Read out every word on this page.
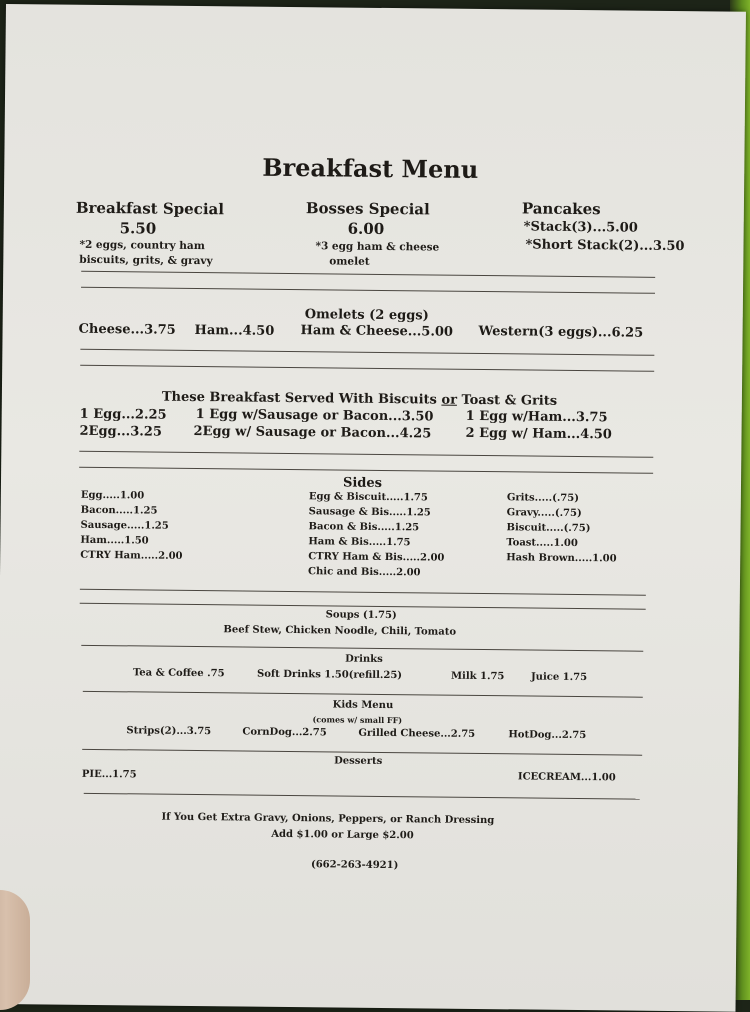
Breakfast Menu
Breakfast Special
5.50
*2 eggs, country ham
biscuits, grits, & gravy
Bosses Special
6.00
*3 egg ham & cheese
omelet
Pancakes
*Stack(3)...5.00
*Short Stack(2)...3.50
Omelets (2 eggs)
Cheese...3.75 Ham...4.50 Ham & Cheese...5.00 Western(3 eggs)...6.25
These Breakfast Served With Biscuits or Toast & Grits
1 Egg...2.25 1 Egg w/Sausage or Bacon...3.50 1 Egg w/Ham...3.75
2Egg...3.25 2Egg w/ Sausage or Bacon...4.25	2 Egg w/ Ham...4.50
Sides
Egg.....1.00
Bacon.....1.25
Sausage.....1.25
Ham.....1.50
CTRY Ham.....2.00
Egg & Biscuit.....1.75
Sausage & Bis.....1.25
Bacon & Bis.....1.25
Ham & Bis.....1.75
CTRY Ham & Bis.....2.00
Chic and Bis.....2.00
Grits.....(.75)
Gravy.....(.75)
Biscuit.....(.75)
Toast.....1.00
Hash Brown.....1.00
Soups (1.75)
Beef Stew, Chicken Noodle, Chili, Tomato
Drinks
Tea & Coffee .75	Soft Drinks 1.50(refill.25)	Milk 1.75	Juice 1.75
Kids Menu
(comes w/ small FF)
Strips(2)...3.75	CornDog...2.75	Grilled Cheese...2.75	HotDog...2.75
Desserts
PIE...1.75	ICECREAM...1.00
If You Get Extra Gravy, Onions, Peppers, or Ranch Dressing
Add $1.00 or Large $2.00
(662-263-4921)
